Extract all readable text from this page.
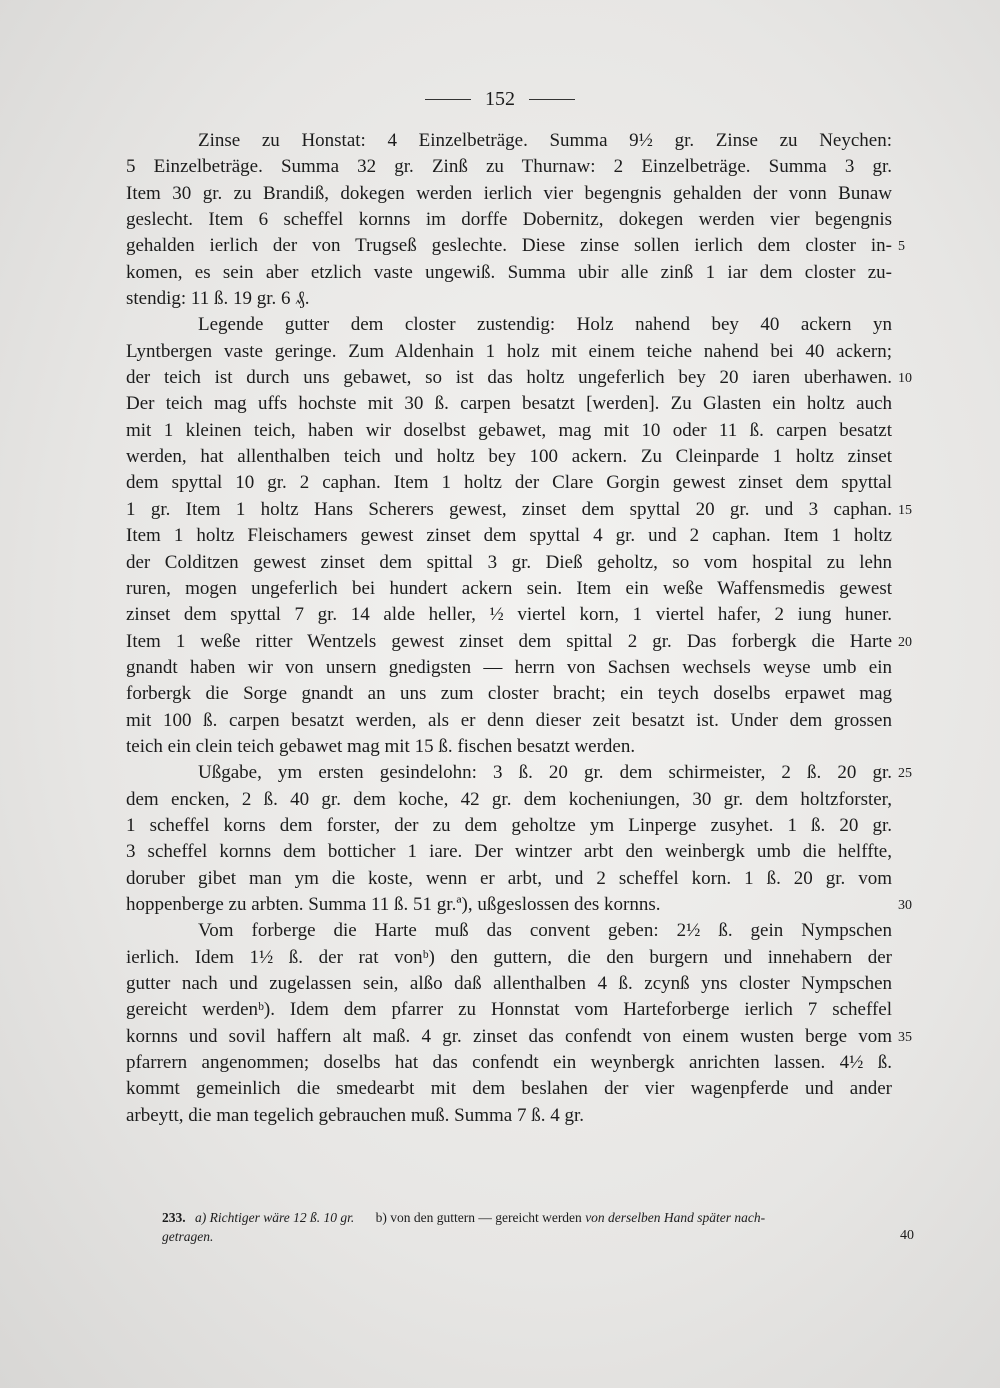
152
Zinse zu Honstat: 4 Einzelbeträge. Summa 9½ gr. Zinse zu Neychen:
5 Einzelbeträge. Summa 32 gr. Zinß zu Thurnaw: 2 Einzelbeträge. Summa 3 gr.
Item 30 gr. zu Brandiß, dokegen werden ierlich vier begengnis gehalden der vonn Bunaw
geslecht. Item 6 scheffel kornns im dorffe Dobernitz, dokegen werden vier begengnis
gehalden ierlich der von Trugseß geslechte. Diese zinse sollen ierlich dem closter in-
komen, es sein aber etzlich vaste ungewiß. Summa ubir alle zinß 1 iar dem closter zu-
stendig: 11 ß. 19 gr. 6 ₰.
Legende gutter dem closter zustendig: Holz nahend bey 40 ackern yn
Lyntbergen vaste geringe. Zum Aldenhain 1 holz mit einem teiche nahend bei 40 ackern;
der teich ist durch uns gebawet, so ist das holtz ungeferlich bey 20 iaren uberhawen.
Der teich mag uffs hochste mit 30 ß. carpen besatzt [werden]. Zu Glasten ein holtz auch
mit 1 kleinen teich, haben wir doselbst gebawet, mag mit 10 oder 11 ß. carpen besatzt
werden, hat allenthalben teich und holtz bey 100 ackern. Zu Cleinparde 1 holtz zinset
dem spyttal 10 gr. 2 caphan. Item 1 holtz der Clare Gorgin gewest zinset dem spyttal
1 gr. Item 1 holtz Hans Scherers gewest, zinset dem spyttal 20 gr. und 3 caphan.
Item 1 holtz Fleischamers gewest zinset dem spyttal 4 gr. und 2 caphan. Item 1 holtz
der Colditzen gewest zinset dem spittal 3 gr. Dieß geholtz, so vom hospital zu lehn
ruren, mogen ungeferlich bei hundert ackern sein. Item ein weße Waffensmedis gewest
zinset dem spyttal 7 gr. 14 alde heller, ½ viertel korn, 1 viertel hafer, 2 iung huner.
Item 1 weße ritter Wentzels gewest zinset dem spittal 2 gr. Das forbergk die Harte
gnandt haben wir von unsern gnedigsten — herrn von Sachsen wechsels weyse umb ein
forbergk die Sorge gnandt an uns zum closter bracht; ein teych doselbs erpawet mag
mit 100 ß. carpen besatzt werden, als er denn dieser zeit besatzt ist. Under dem grossen
teich ein clein teich gebawet mag mit 15 ß. fischen besatzt werden.
Ußgabe, ym ersten gesindelohn: 3 ß. 20 gr. dem schirmeister, 2 ß. 20 gr.
dem encken, 2 ß. 40 gr. dem koche, 42 gr. dem kocheniungen, 30 gr. dem holtzforster,
1 scheffel korns dem forster, der zu dem geholtze ym Linperge zusyhet. 1 ß. 20 gr.
3 scheffel kornns dem botticher 1 iare. Der wintzer arbt den weinbergk umb die helffte,
doruber gibet man ym die koste, wenn er arbt, und 2 scheffel korn. 1 ß. 20 gr. vom
hoppenberge zu arbten. Summa 11 ß. 51 gr.ª), ußgeslossen des kornns.
Vom forberge die Harte muß das convent geben: 2½ ß. gein Nympschen
ierlich. Idem 1½ ß. der rat vonᵇ) den guttern, die den burgern und innehabern der
gutter nach und zugelassen sein, alßo daß allenthalben 4 ß. zcynß yns closter Nympschen
gereicht werdenᵇ). Idem dem pfarrer zu Honnstat vom Harteforberge ierlich 7 scheffel
kornns und sovil haffern alt maß. 4 gr. zinset das confendt von einem wusten berge vom
pfarrern angenommen; doselbs hat das confendt ein weynbergk anrichten lassen. 4½ ß.
kommt gemeinlich die smedearbt mit dem beslahen der vier wagenpferde und ander
arbeytt, die man tegelich gebrauchen muß. Summa 7 ß. 4 gr.
233. a) Richtiger wäre 12 ß. 10 gr. b) von den guttern — gereicht werden von derselben Hand später nach-
getragen.	40
5
10
15
20
25
30
35
